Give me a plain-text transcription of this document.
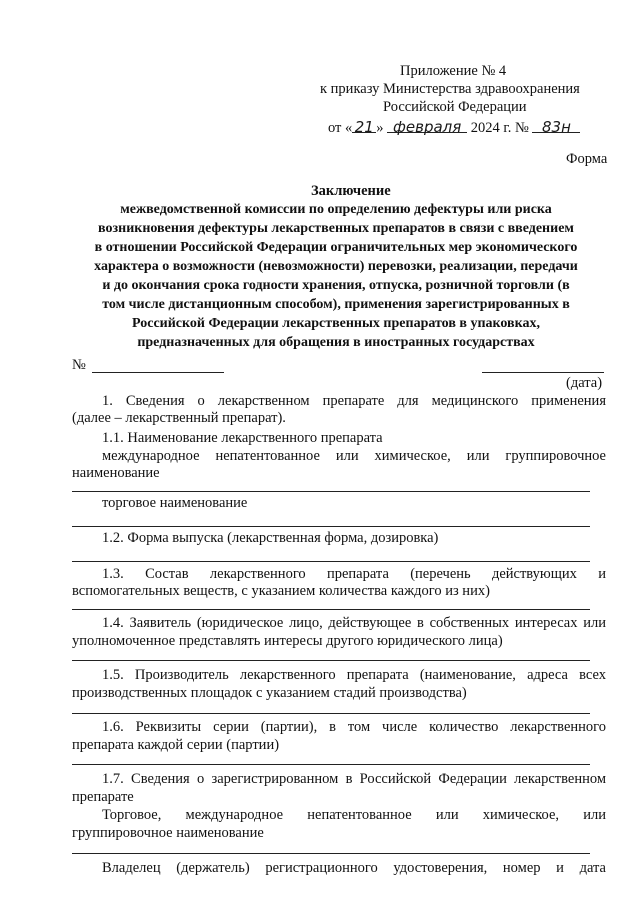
Приложение № 4
к приказу Министерства здравоохранения
Российской Федерации
от « 21 » февраля 2024 г. № 83н
Форма
Заключение
межведомственной комиссии по определению дефектуры или риска
возникновения дефектуры лекарственных препаратов в связи с введением
в отношении Российской Федерации ограничительных мер экономического
характера о возможности (невозможности) перевозки, реализации, передачи
и до окончания срока годности хранения, отпуска, розничной торговли (в
том числе дистанционным способом), применения зарегистрированных в
Российской Федерации лекарственных препаратов в упаковках,
предназначенных для обращения в иностранных государствах
№
(дата)
1. Сведения о лекарственном препарате для медицинского применения
(далее – лекарственный препарат).
1.1. Наименование лекарственного препарата
международное непатентованное или химическое, или группировочное
наименование
торговое наименование
1.2. Форма выпуска (лекарственная форма, дозировка)
1.3. Состав лекарственного препарата (перечень действующих и
вспомогательных веществ, с указанием количества каждого из них)
1.4. Заявитель (юридическое лицо, действующее в собственных интересах или
уполномоченное представлять интересы другого юридического лица)
1.5. Производитель лекарственного препарата (наименование, адреса всех
производственных площадок с указанием стадий производства)
1.6. Реквизиты серии (партии), в том числе количество лекарственного
препарата каждой серии (партии)
1.7. Сведения о зарегистрированном в Российской Федерации лекарственном
препарате
Торговое, международное непатентованное или химическое, или
группировочное наименование
Владелец (держатель) регистрационного удостоверения, номер и дата
